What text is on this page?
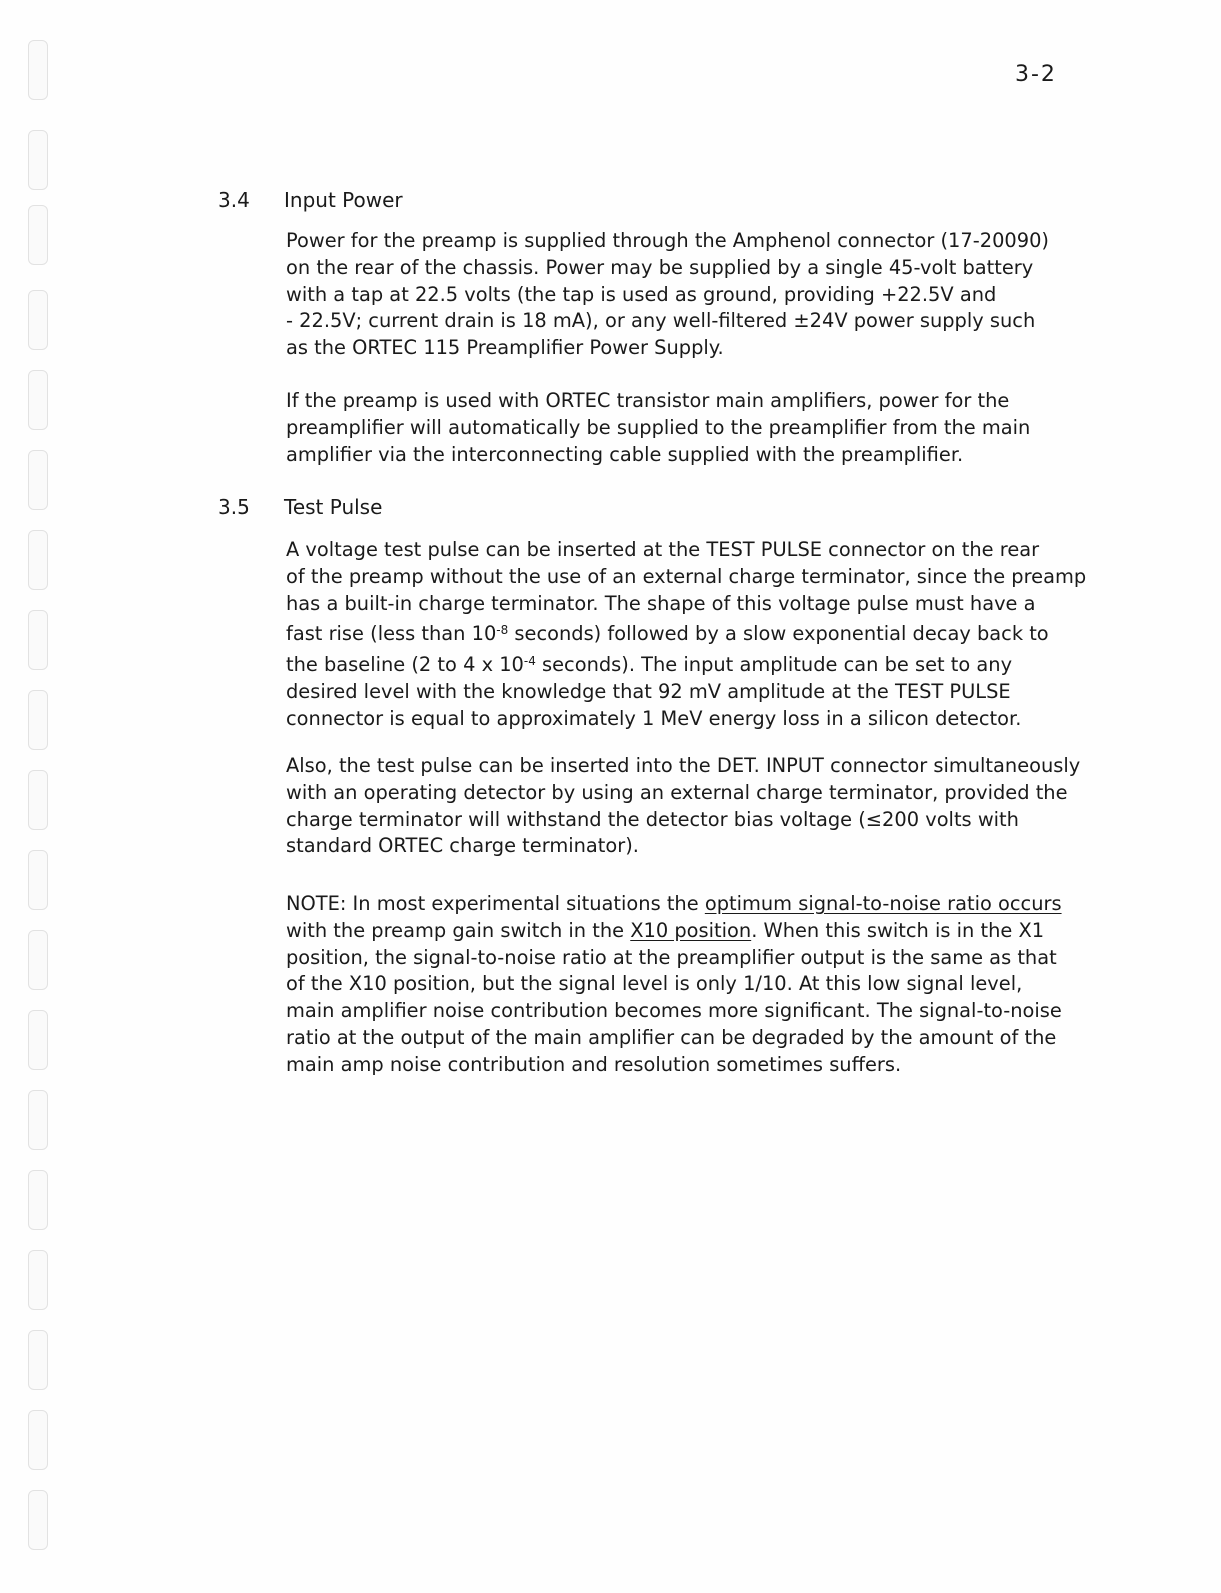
3-2
3.4 Input Power

Power for the preamp is supplied through the Amphenol connector (17-20090)
on the rear of the chassis. Power may be supplied by a single 45-volt battery
with a tap at 22.5 volts (the tap is used as ground, providing +22.5V and
- 22.5V; current drain is 18 mA), or any well-filtered ±24V power supply such
as the ORTEC 115 Preamplifier Power Supply.

If the preamp is used with ORTEC transistor main amplifiers, power for the
preamplifier will automatically be supplied to the preamplifier from the main
amplifier via the interconnecting cable supplied with the preamplifier.

3.5 Test Pulse

A voltage test pulse can be inserted at the TEST PULSE connector on the rear
of the preamp without the use of an external charge terminator, since the preamp
has a built-in charge terminator. The shape of this voltage pulse must have a
fast rise (less than $10^{-8}$ seconds) followed by a slow exponential decay back to
the baseline (2 to 4 x $10^{-4}$ seconds). The input amplitude can be set to any
desired level with the knowledge that 92 mV amplitude at the TEST PULSE
connector is equal to approximately 1 MeV energy loss in a silicon detector.

Also, the test pulse can be inserted into the DET. INPUT connector simultaneously
with an operating detector by using an external charge terminator, provided the
charge terminator will withstand the detector bias voltage (≤200 volts with
standard ORTEC charge terminator).

NOTE: In most experimental situations the optimum signal-to-noise ratio occurs
with the preamp gain switch in the X10 position. When this switch is in the X1
position, the signal-to-noise ratio at the preamplifier output is the same as that
of the X10 position, but the signal level is only 1/10. At this low signal level,
main amplifier noise contribution becomes more significant. The signal-to-noise
ratio at the output of the main amplifier can be degraded by the amount of the
main amp noise contribution and resolution sometimes suffers.
